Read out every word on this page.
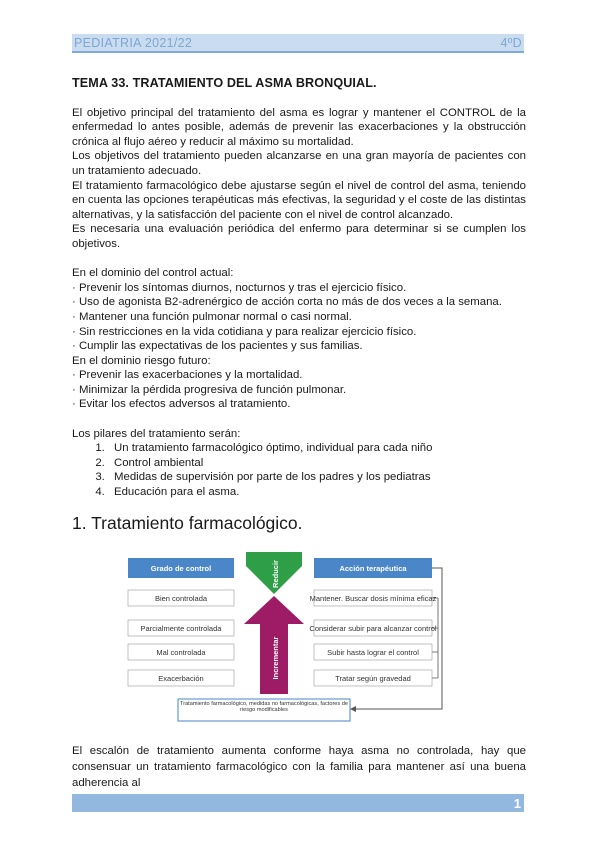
PEDIATRIA 2021/22	4ºD
TEMA 33. TRATAMIENTO DEL ASMA BRONQUIAL.

El objetivo principal del tratamiento del asma es lograr y mantener el CONTROL de la enfermedad lo antes posible, además de prevenir las exacerbaciones y la obstrucción crónica al flujo aéreo y reducir al máximo su mortalidad.

Los objetivos del tratamiento pueden alcanzarse en una gran mayoría de pacientes con un tratamiento adecuado.

El tratamiento farmacológico debe ajustarse según el nivel de control del asma, teniendo en cuenta las opciones terapéuticas más efectivas, la seguridad y el coste de las distintas alternativas, y la satisfacción del paciente con el nivel de control alcanzado.

Es necesaria una evaluación periódica del enfermo para determinar si se cumplen los objetivos.

En el dominio del control actual:

· Prevenir los síntomas diurnos, nocturnos y tras el ejercicio físico.

· Uso de agonista B2-adrenérgico de acción corta no más de dos veces a la semana.

· Mantener una función pulmonar normal o casi normal.

· Sin restricciones en la vida cotidiana y para realizar ejercicio físico.

· Cumplir las expectativas de los pacientes y sus familias.

En el dominio riesgo futuro:

· Prevenir las exacerbaciones y la mortalidad.

· Minimizar la pérdida progresiva de función pulmonar.

· Evitar los efectos adversos al tratamiento.

Los pilares del tratamiento serán:

1. Un tratamiento farmacológico óptimo, individual para cada niño
2. Control ambiental
3. Medidas de supervisión por parte de los padres y los pediatras
4. Educación para el asma.
1. Tratamiento farmacológico.
Grado de control	Acción terapéutica
Reducir
Incrementar
Bien controlada	Mantener. Buscar dosis mínima eficaz
Parcialmente controlada	Considerar subir para alcanzar control
Mal controlada	Subir hasta lograr el control
Exacerbación	Tratar según gravedad
Tratamiento farmacológico, medidas no farmacológicas, factores de riesgo modificables

El escalón de tratamiento aumenta conforme haya asma no controlada, hay que consensuar un tratamiento farmacológico con la familia para mantener así una buena adherencia al

1
